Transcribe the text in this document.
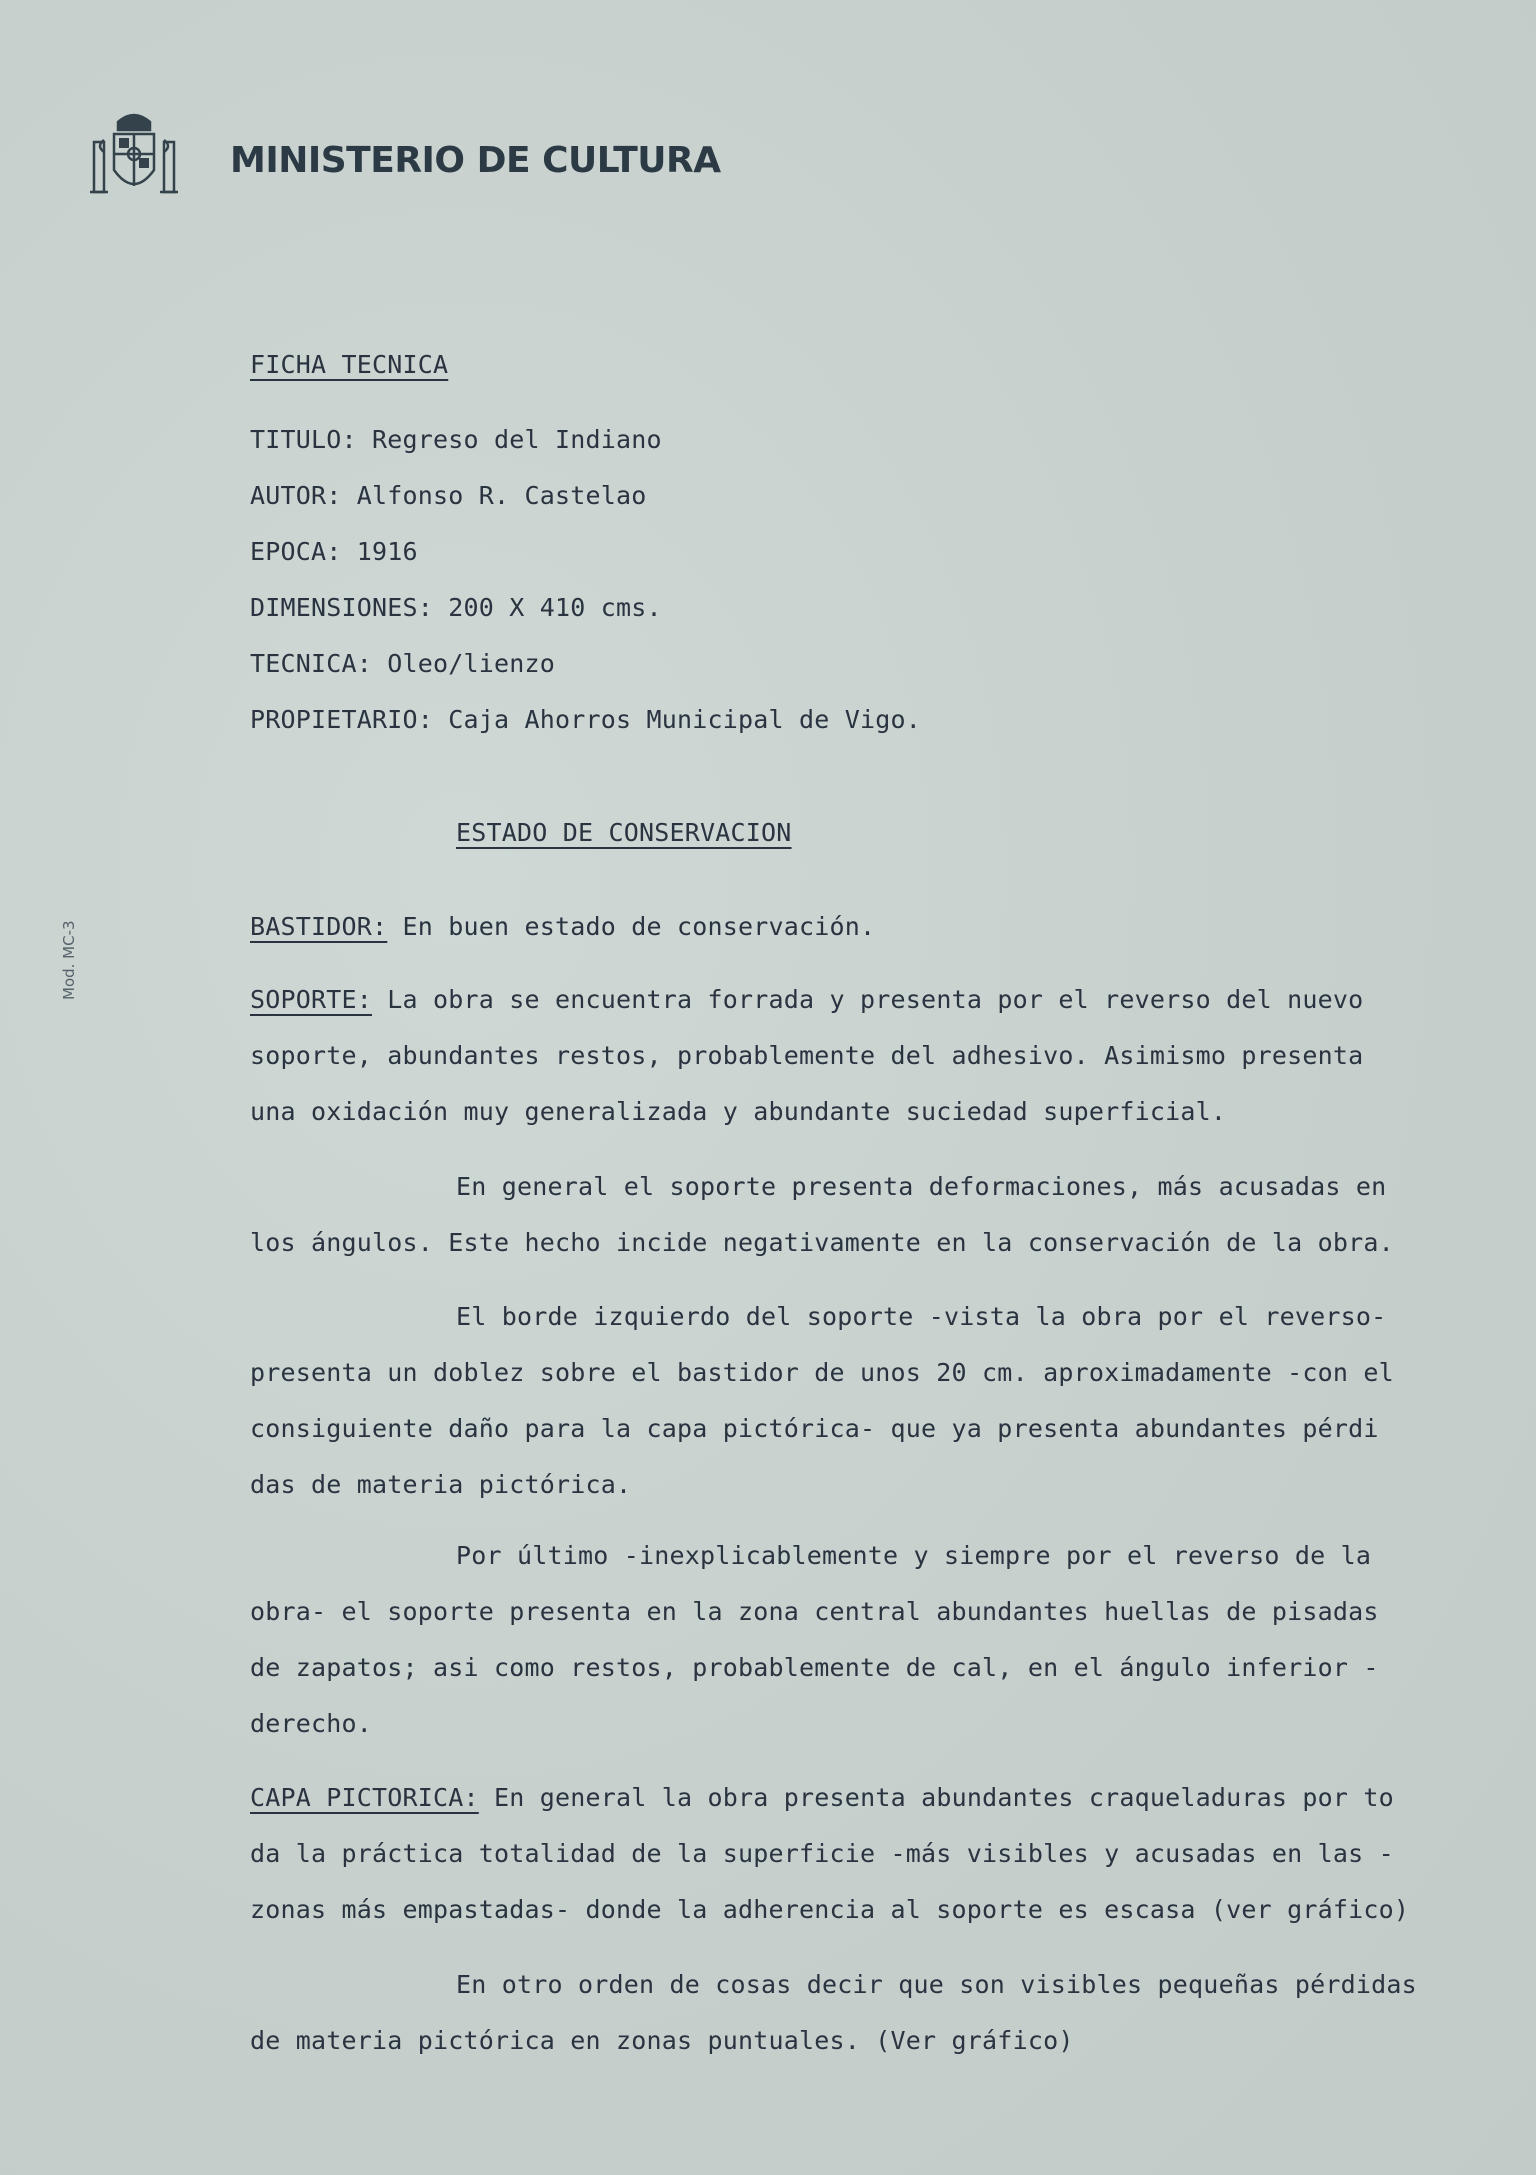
MINISTERIO DE CULTURA
Mod. MC-3
FICHA TECNICA
TITULO: Regreso del Indiano
AUTOR: Alfonso R. Castelao
EPOCA: 1916
DIMENSIONES: 200 X 410 cms.
TECNICA: Oleo/lienzo
PROPIETARIO: Caja Ahorros Municipal de Vigo.
ESTADO DE CONSERVACION
BASTIDOR: En buen estado de conservación.
SOPORTE: La obra se encuentra forrada y presenta por el reverso del nuevo
soporte, abundantes restos, probablemente del adhesivo. Asimismo presenta
una oxidación muy generalizada y abundante suciedad superficial.
En general el soporte presenta deformaciones, más acusadas en
los ángulos. Este hecho incide negativamente en la conservación de la obra.
El borde izquierdo del soporte -vista la obra por el reverso-
presenta un doblez sobre el bastidor de unos 20 cm. aproximadamente -con el
consiguiente daño para la capa pictórica- que ya presenta abundantes pérdi
das de materia pictórica.
Por último -inexplicablemente y siempre por el reverso de la
obra- el soporte presenta en la zona central abundantes huellas de pisadas
de zapatos; asi como restos, probablemente de cal, en el ángulo inferior -
derecho.
CAPA PICTORICA: En general la obra presenta abundantes craqueladuras por to
da la práctica totalidad de la superficie -más visibles y acusadas en las -
zonas más empastadas- donde la adherencia al soporte es escasa (ver gráfico)
En otro orden de cosas decir que son visibles pequeñas pérdidas
de materia pictórica en zonas puntuales. (Ver gráfico)
